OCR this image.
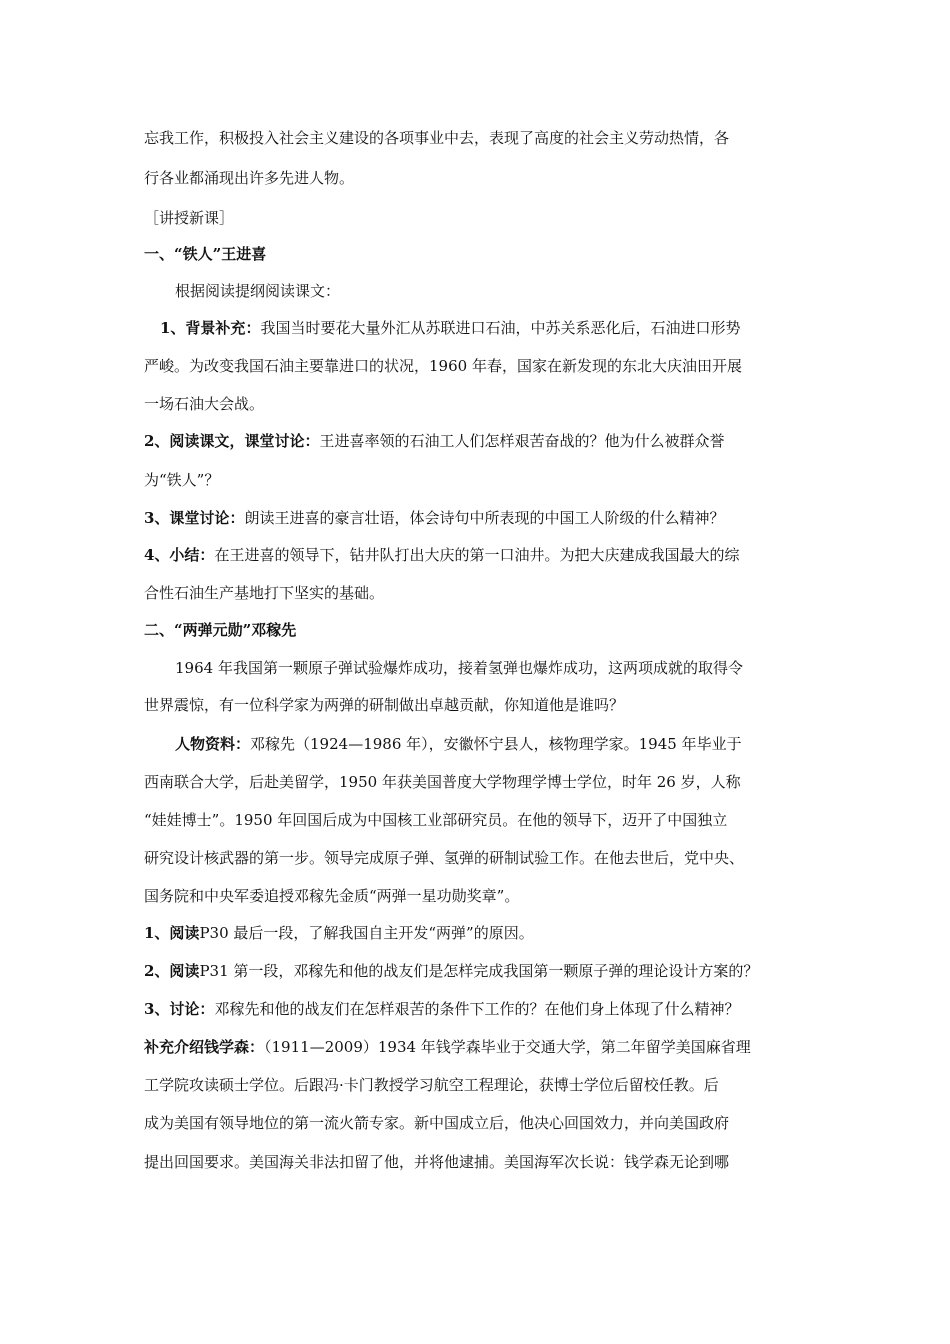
忘我工作，积极投入社会主义建设的各项事业中去，表现了高度的社会主义劳动热情，各
行各业都涌现出许多先进人物。
［讲授新课］
一、“铁人”王进喜
根据阅读提纲阅读课文：
1、背景补充：我国当时要花大量外汇从苏联进口石油，中苏关系恶化后，石油进口形势
严峻。为改变我国石油主要靠进口的状况，1960 年春，国家在新发现的东北大庆油田开展
一场石油大会战。
2、阅读课文，课堂讨论：王进喜率领的石油工人们怎样艰苦奋战的？他为什么被群众誉
为“铁人”？
3、课堂讨论：朗读王进喜的豪言壮语，体会诗句中所表现的中国工人阶级的什么精神？
4、小结：在王进喜的领导下，钻井队打出大庆的第一口油井。为把大庆建成我国最大的综
合性石油生产基地打下坚实的基础。
二、“两弹元勋”邓稼先
1964 年我国第一颗原子弹试验爆炸成功，接着氢弹也爆炸成功，这两项成就的取得令
世界震惊，有一位科学家为两弹的研制做出卓越贡献，你知道他是谁吗？
人物资料：邓稼先（1924—1986 年），安徽怀宁县人，核物理学家。1945 年毕业于
西南联合大学，后赴美留学，1950 年获美国普度大学物理学博士学位，时年 26 岁，人称
“娃娃博士”。1950 年回国后成为中国核工业部研究员。在他的领导下，迈开了中国独立
研究设计核武器的第一步。领导完成原子弹、氢弹的研制试验工作。在他去世后，党中央、
国务院和中央军委追授邓稼先金质“两弹一星功勋奖章”。
1、阅读P30 最后一段，了解我国自主开发“两弹”的原因。
2、阅读P31 第一段，邓稼先和他的战友们是怎样完成我国第一颗原子弹的理论设计方案的？
3、讨论：邓稼先和他的战友们在怎样艰苦的条件下工作的？在他们身上体现了什么精神？
补充介绍钱学森：（1911—2009）1934 年钱学森毕业于交通大学，第二年留学美国麻省理
工学院攻读硕士学位。后跟冯·卡门教授学习航空工程理论，获博士学位后留校任教。后
成为美国有领导地位的第一流火箭专家。新中国成立后，他决心回国效力，并向美国政府
提出回国要求。美国海关非法扣留了他，并将他逮捕。美国海军次长说：钱学森无论到哪
